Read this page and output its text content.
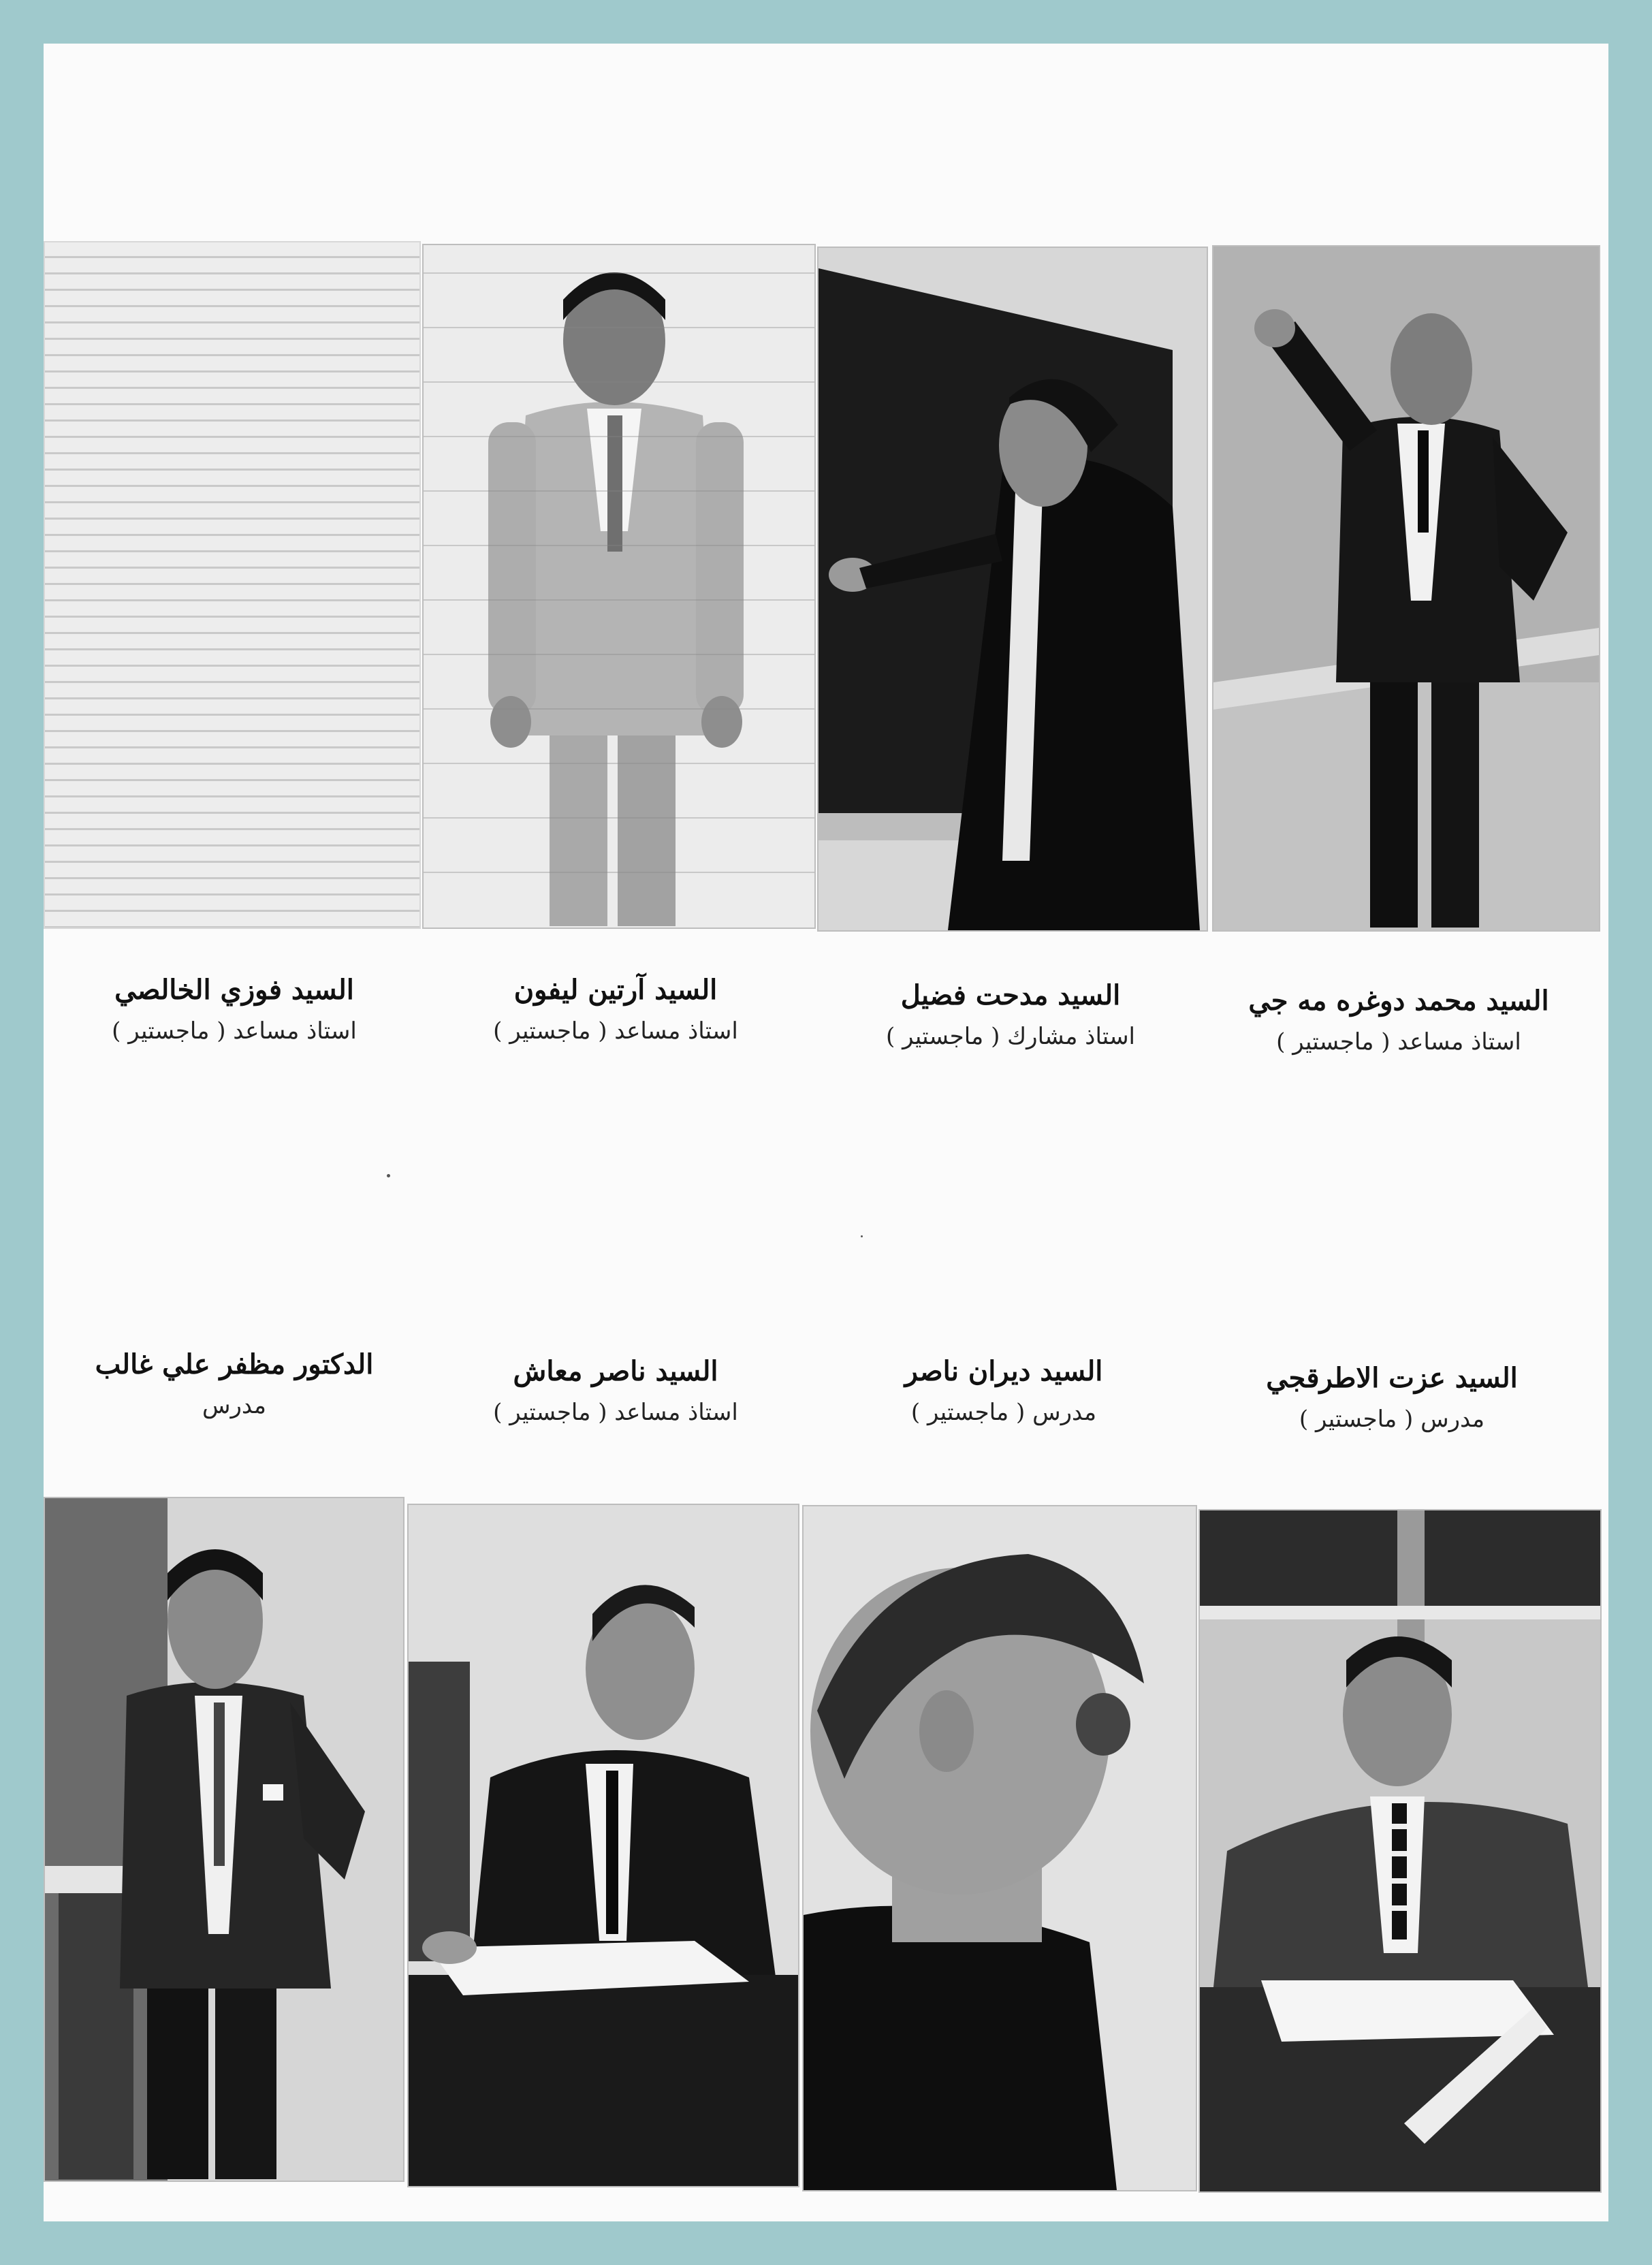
السيد فوزي الخالصي
استاذ مساعد ( ماجستير )
السيد آرتين ليفون
استاذ مساعد ( ماجستير )
السيد مدحت فضيل
استاذ مشارك ( ماجستير )
السيد محمد دوغره مه جي
استاذ مساعد ( ماجستير )
الدكتور مظفر علي غالب
مدرس
السيد ناصر معاش
استاذ مساعد ( ماجستير )
السيد ديران ناصر
مدرس ( ماجستير )
السيد عزت الاطرقجي
مدرس ( ماجستير )
